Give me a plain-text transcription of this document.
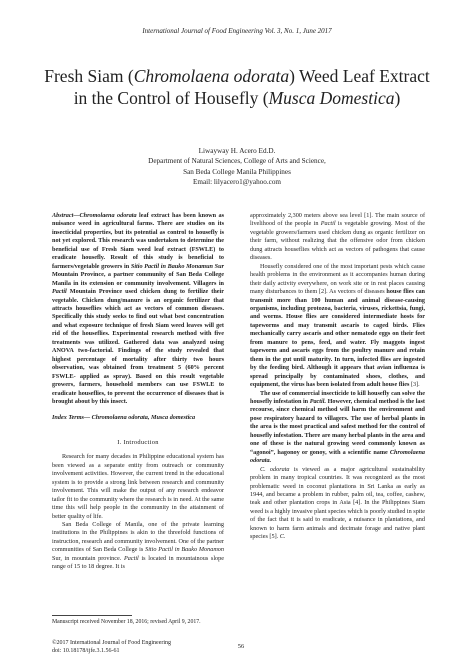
International Journal of Food Engineering Vol. 3, No. 1, June 2017
Fresh Siam (Chromolaena odorata) Weed Leaf Extract in the Control of Housefly (Musca Domestica)
Liwayway H. Acero Ed.D.
Department of Natural Sciences, College of Arts and Science,
San Beda College Manila Philippines
Email: lilyacero1@yahoo.com

Abstract—Chromolaena odorata leaf extract has been known as nuisance weed in agricultural farms. There are studies on its insecticidal properties, but its potential as control to housefly is not yet explored. This research was undertaken to determine the beneficial use of Fresh Siam weed leaf extract (FSWLE) to eradicate housefly. Result of this study is beneficial to farmers/vegetable growers in Sitio Pactil in Bauko Monamun Sur Mountain Province, a partner community of San Beda College Manila in its extension or community involvement. Villagers in Pactil Mountain Province used chicken dung to fertilize their vegetable. Chicken dung/manure is an organic fertilizer that attracts houseflies which act as vectors of common diseases. Specifically this study seeks to find out what best concentration and what exposure technique of fresh Siam weed leaves will get rid of the houseflies. Experimental research method with five treatments was utilized. Gathered data was analyzed using ANOVA two-factorial. Findings of the study revealed that highest percentage of mortality after thirty two hours observation, was obtained from treatment 5 (60% percent FSWLE- applied as spray). Based on this result vegetable growers, farmers, household members can use FSWLE to eradicate houseflies, to prevent the occurrence of diseases that is brought about by this insect.

Index Terms— Chromolaena odorata, Musca domestica

I. Introduction

Research for many decades in Philippine educational system has been viewed as a separate entity from outreach or community involvement activities. However, the current trend in the educational system is to provide a strong link between research and community involvement. This will make the output of any research endeavor tailor fit to the community where the research is in need. At the same time this will help people in the community in the attainment of better quality of life.

San Beda College of Manila, one of the private learning institutions in the Philippines is akin to the threefold functions of instruction, research and community involvement. One of the partner communities of San Beda College is Sitio Pactil in Bauko Monamon Sur, in mountain province. Pactil is located in mountainous slope range of 15 to 18 degree. It is

approximately 2,300 meters above sea level [1]. The main source of livelihood of the people in Pactil is vegetable growing. Most of the vegetable growers/farmers used chicken dung as organic fertilizer on their farm, without realizing that the offensive odor from chicken dung attracts houseflies which act as vectors of pathogens that cause diseases.

Housefly considered one of the most important pests which cause health problems in the environment as it accompanies human during their daily activity everywhere, on work site or in rest places causing many disturbances to them [2]. As vectors of diseases house flies can transmit more than 100 human and animal disease-causing organisms, including protozoa, bacteria, viruses, rickettsia, fungi, and worms. House flies are considered intermediate hosts for tapeworms and may transmit ascaris to caged birds. Flies mechanically carry ascaris and other nematode eggs on their feet from manure to pens, feed, and water. Fly maggots ingest tapeworm and ascaris eggs from the poultry manure and retain them in the gut until maturity. In turn, infected flies are ingested by the feeding bird. Although it appears that avian influenza is spread principally by contaminated shoes, clothes, and equipment, the virus has been isolated from adult house flies [3].

The use of commercial insecticide to kill housefly can solve the housefly infestation in Pactil. However, chemical method is the last recourse, since chemical method will harm the environment and pose respiratory hazard to villagers. The use of herbal plants in the area is the most practical and safest method for the control of housefly infestation. There are many herbal plants in the area and one of these is the natural growing weed commonly known as “agonoi”, hagonoy or gonoy, with a scientific name Chromolaena odorata.

C. odorata is viewed as a major agricultural sustainability problem in many tropical countries. It was recognized as the most problematic weed in coconut plantations in Sri Lanka as early as 1944, and became a problem in rubber, palm oil, tea, coffee, cashew, teak and other plantation crops in Asia [4]. In the Philippines Siam weed is a highly invasive plant species which is poorly studied in spite of the fact that it is said to eradicate, a nuisance in plantations, and known to harm farm animals and decimate forage and native plant species [5]. C.

Manuscript received November 18, 2016; revised April 9, 2017.
©2017 International Journal of Food Engineering
doi: 10.18178/ijfe.3.1.56-61
56
